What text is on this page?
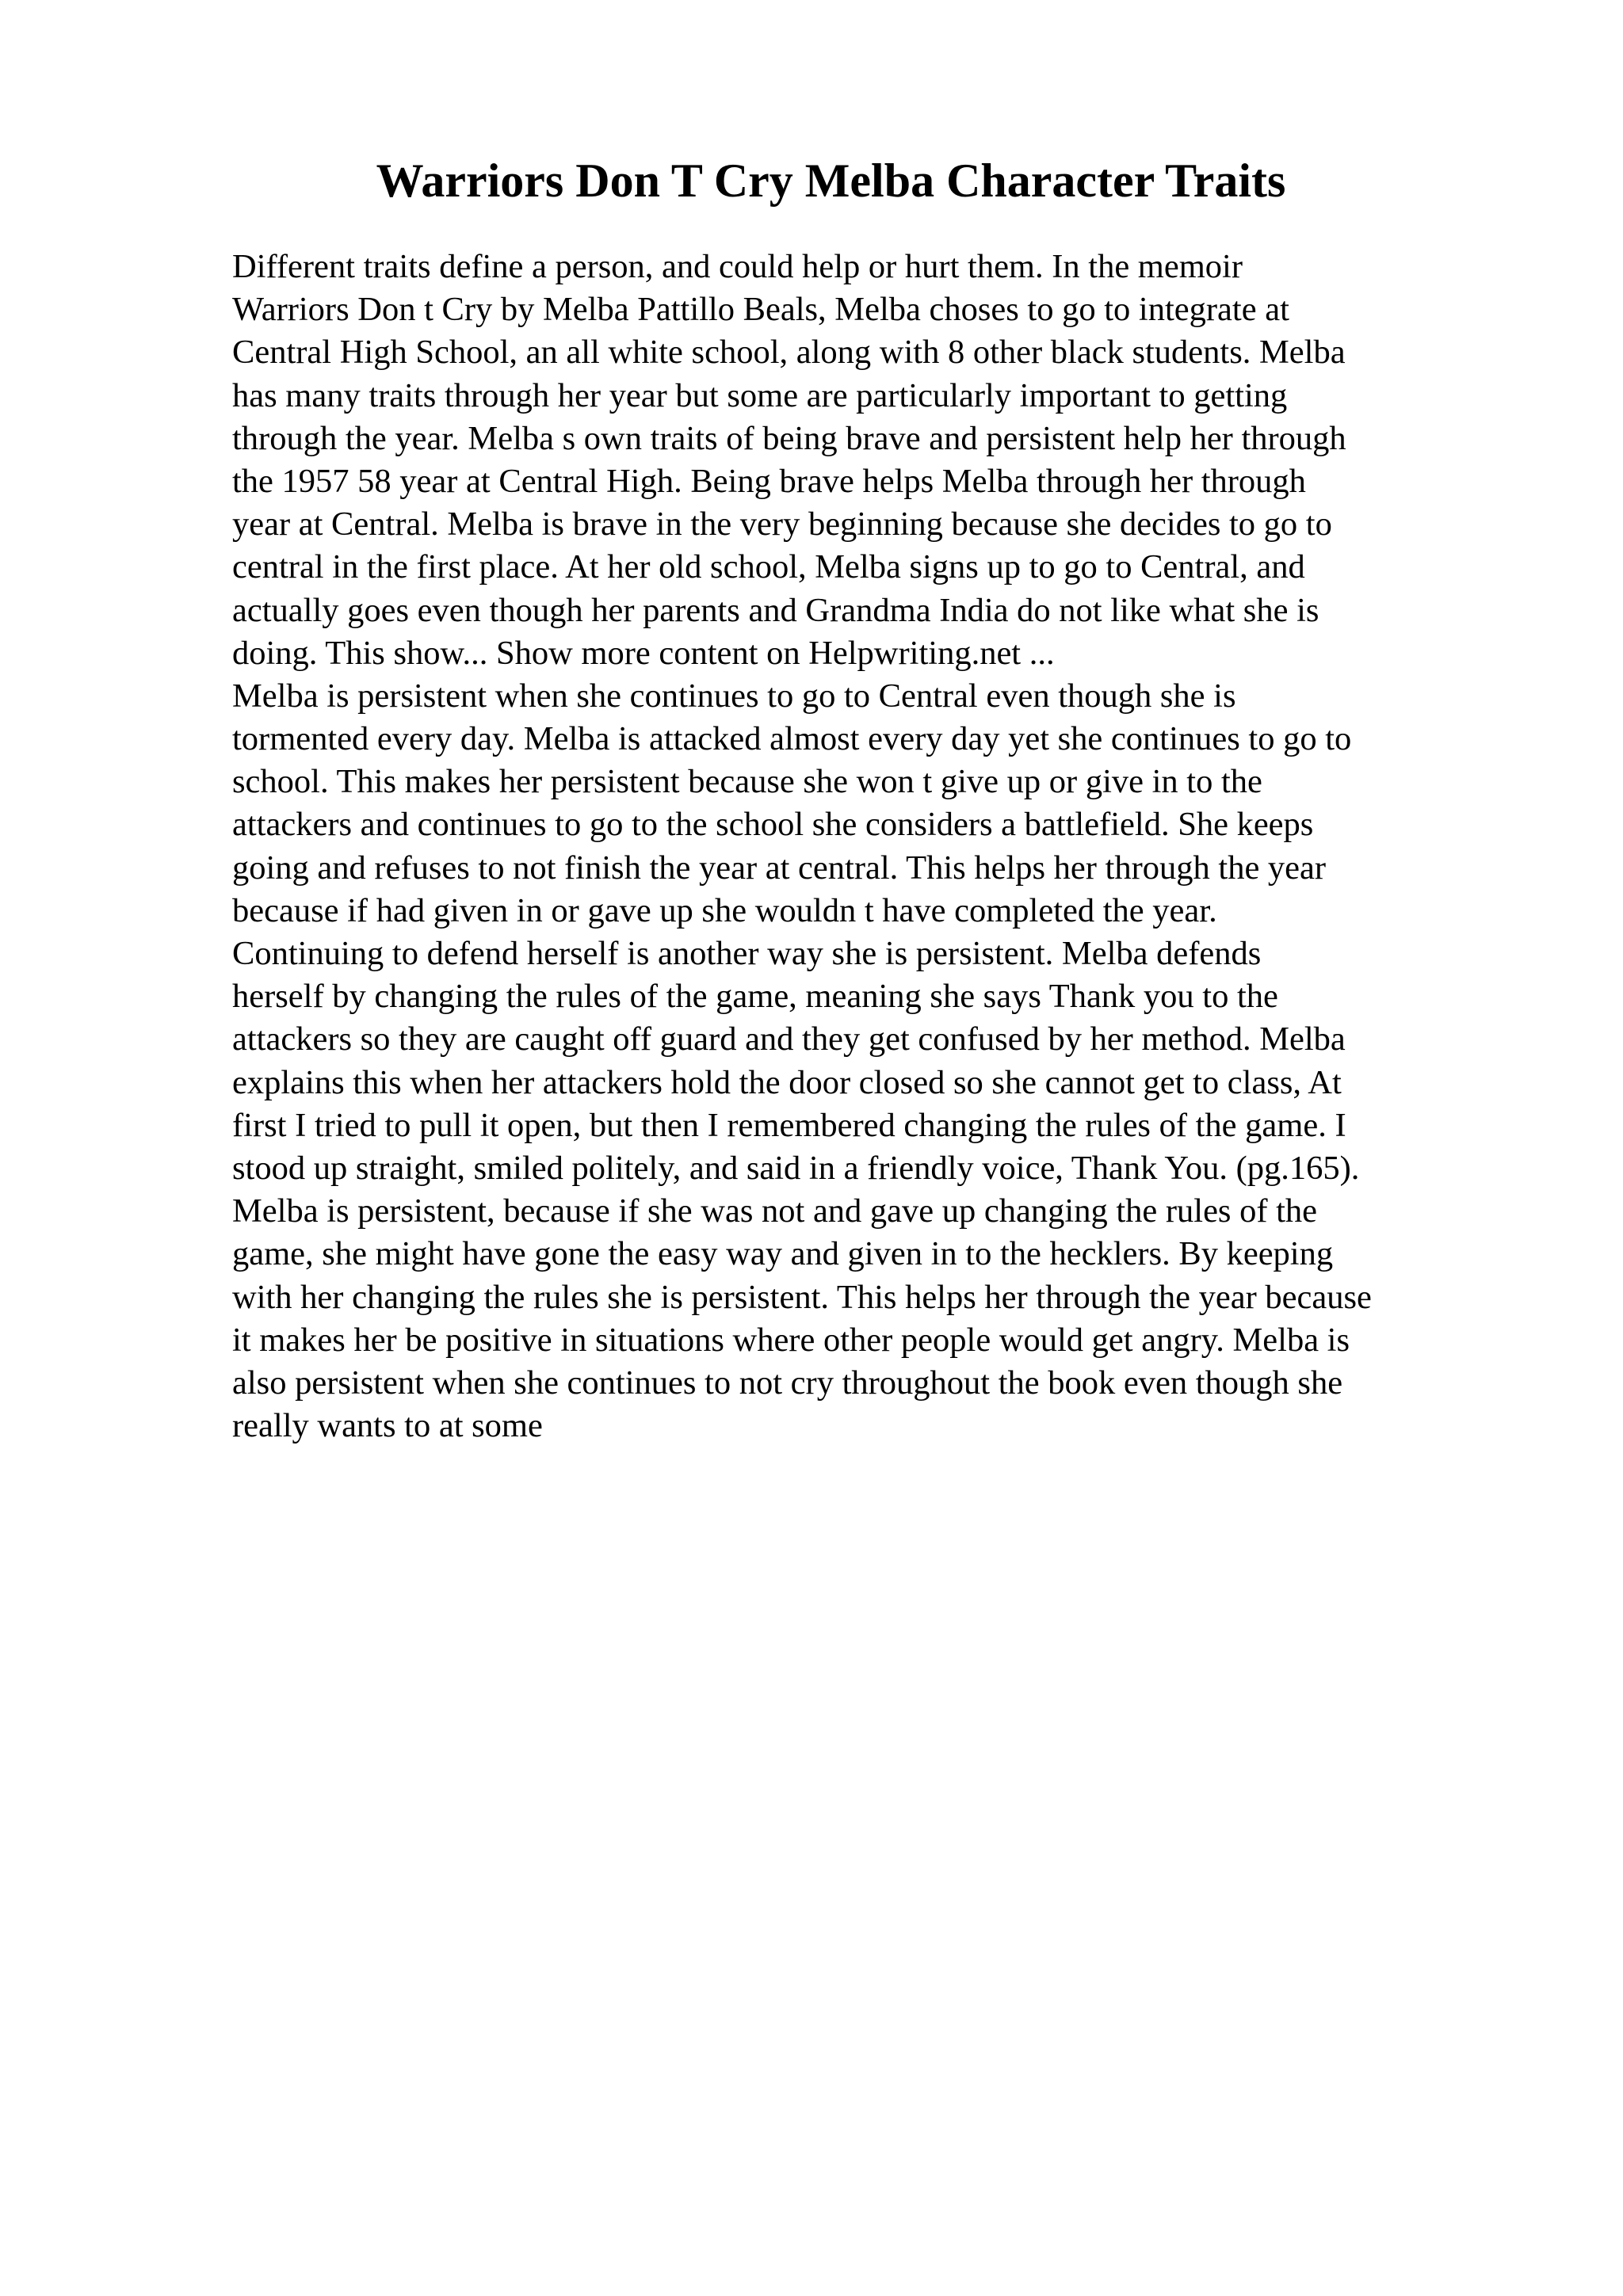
Warriors Don T Cry Melba Character Traits
Different traits define a person, and could help or hurt them. In the memoir
Warriors Don t Cry by Melba Pattillo Beals, Melba choses to go to integrate at
Central High School, an all white school, along with 8 other black students. Melba
has many traits through her year but some are particularly important to getting
through the year. Melba s own traits of being brave and persistent help her through
the 1957 58 year at Central High. Being brave helps Melba through her through
year at Central. Melba is brave in the very beginning because she decides to go to
central in the first place. At her old school, Melba signs up to go to Central, and
actually goes even though her parents and Grandma India do not like what she is
doing. This show... Show more content on Helpwriting.net ...
Melba is persistent when she continues to go to Central even though she is
tormented every day. Melba is attacked almost every day yet she continues to go to
school. This makes her persistent because she won t give up or give in to the
attackers and continues to go to the school she considers a battlefield. She keeps
going and refuses to not finish the year at central. This helps her through the year
because if had given in or gave up she wouldn t have completed the year.
Continuing to defend herself is another way she is persistent. Melba defends
herself by changing the rules of the game, meaning she says Thank you to the
attackers so they are caught off guard and they get confused by her method. Melba
explains this when her attackers hold the door closed so she cannot get to class, At
first I tried to pull it open, but then I remembered changing the rules of the game. I
stood up straight, smiled politely, and said in a friendly voice, Thank You. (pg.165).
Melba is persistent, because if she was not and gave up changing the rules of the
game, she might have gone the easy way and given in to the hecklers. By keeping
with her changing the rules she is persistent. This helps her through the year because
it makes her be positive in situations where other people would get angry. Melba is
also persistent when she continues to not cry throughout the book even though she
really wants to at some
